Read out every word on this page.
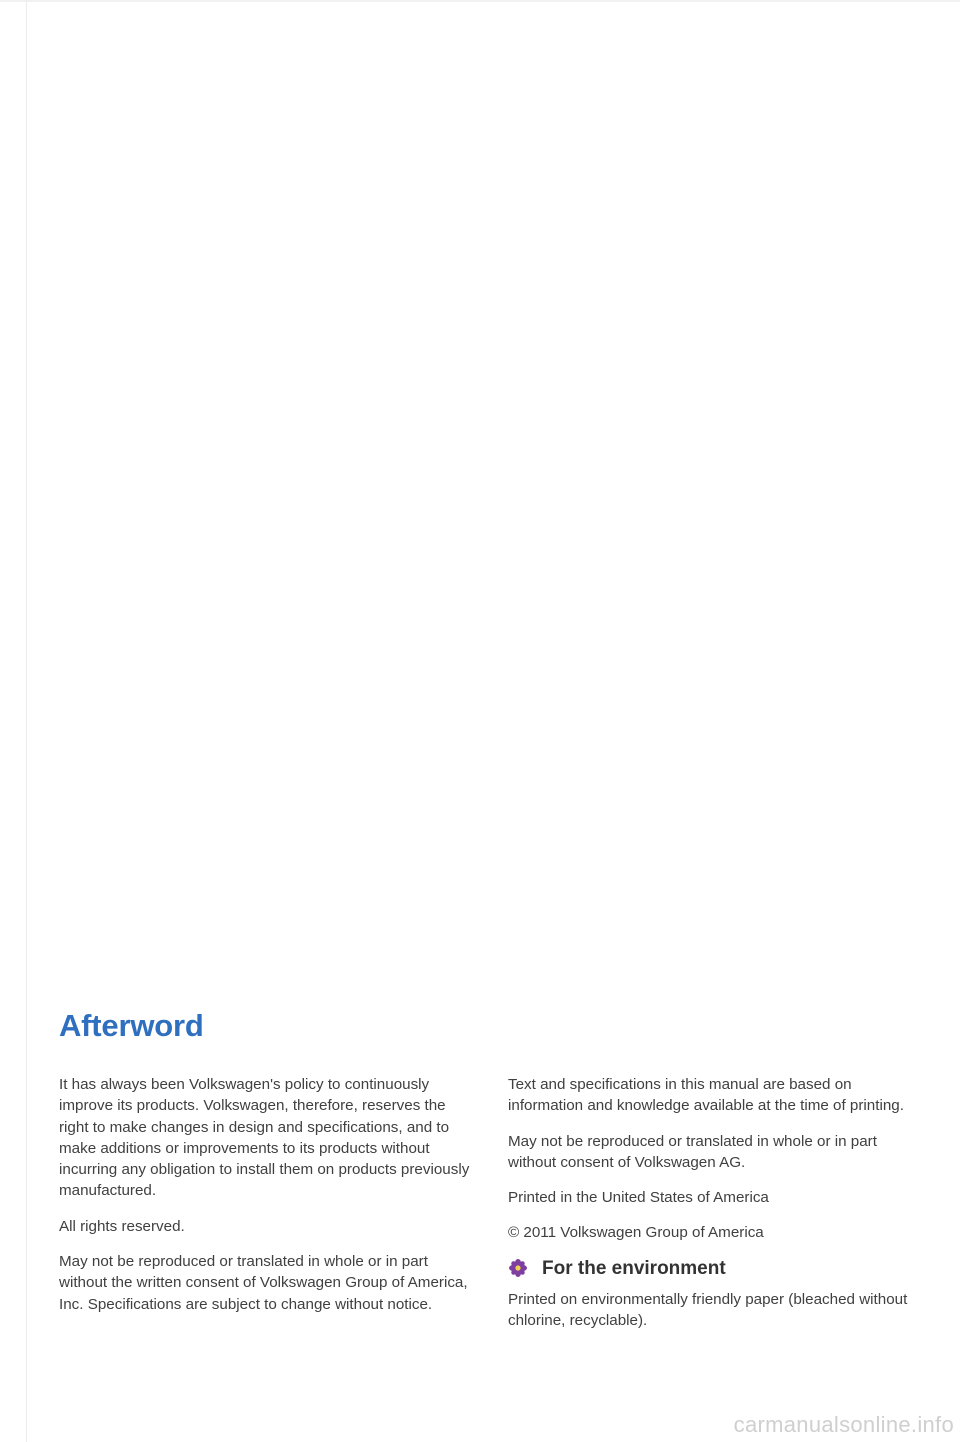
Afterword

It has always been Volkswagen's policy to continuously improve its products. Volkswagen, therefore, reserves the right to make changes in design and specifications, and to make additions or improvements to its products without incurring any obligation to install them on products previously manufactured.

All rights reserved.

May not be reproduced or translated in whole or in part without the written consent of Volkswagen Group of America, Inc. Specifications are subject to change without notice.

Text and specifications in this manual are based on information and knowledge available at the time of printing.

May not be reproduced or translated in whole or in part without consent of Volkswagen AG.

Printed in the United States of America

© 2011 Volkswagen Group of America

For the environment

Printed on environmentally friendly paper (bleached without chlorine, recyclable).

carmanualsonline.info
